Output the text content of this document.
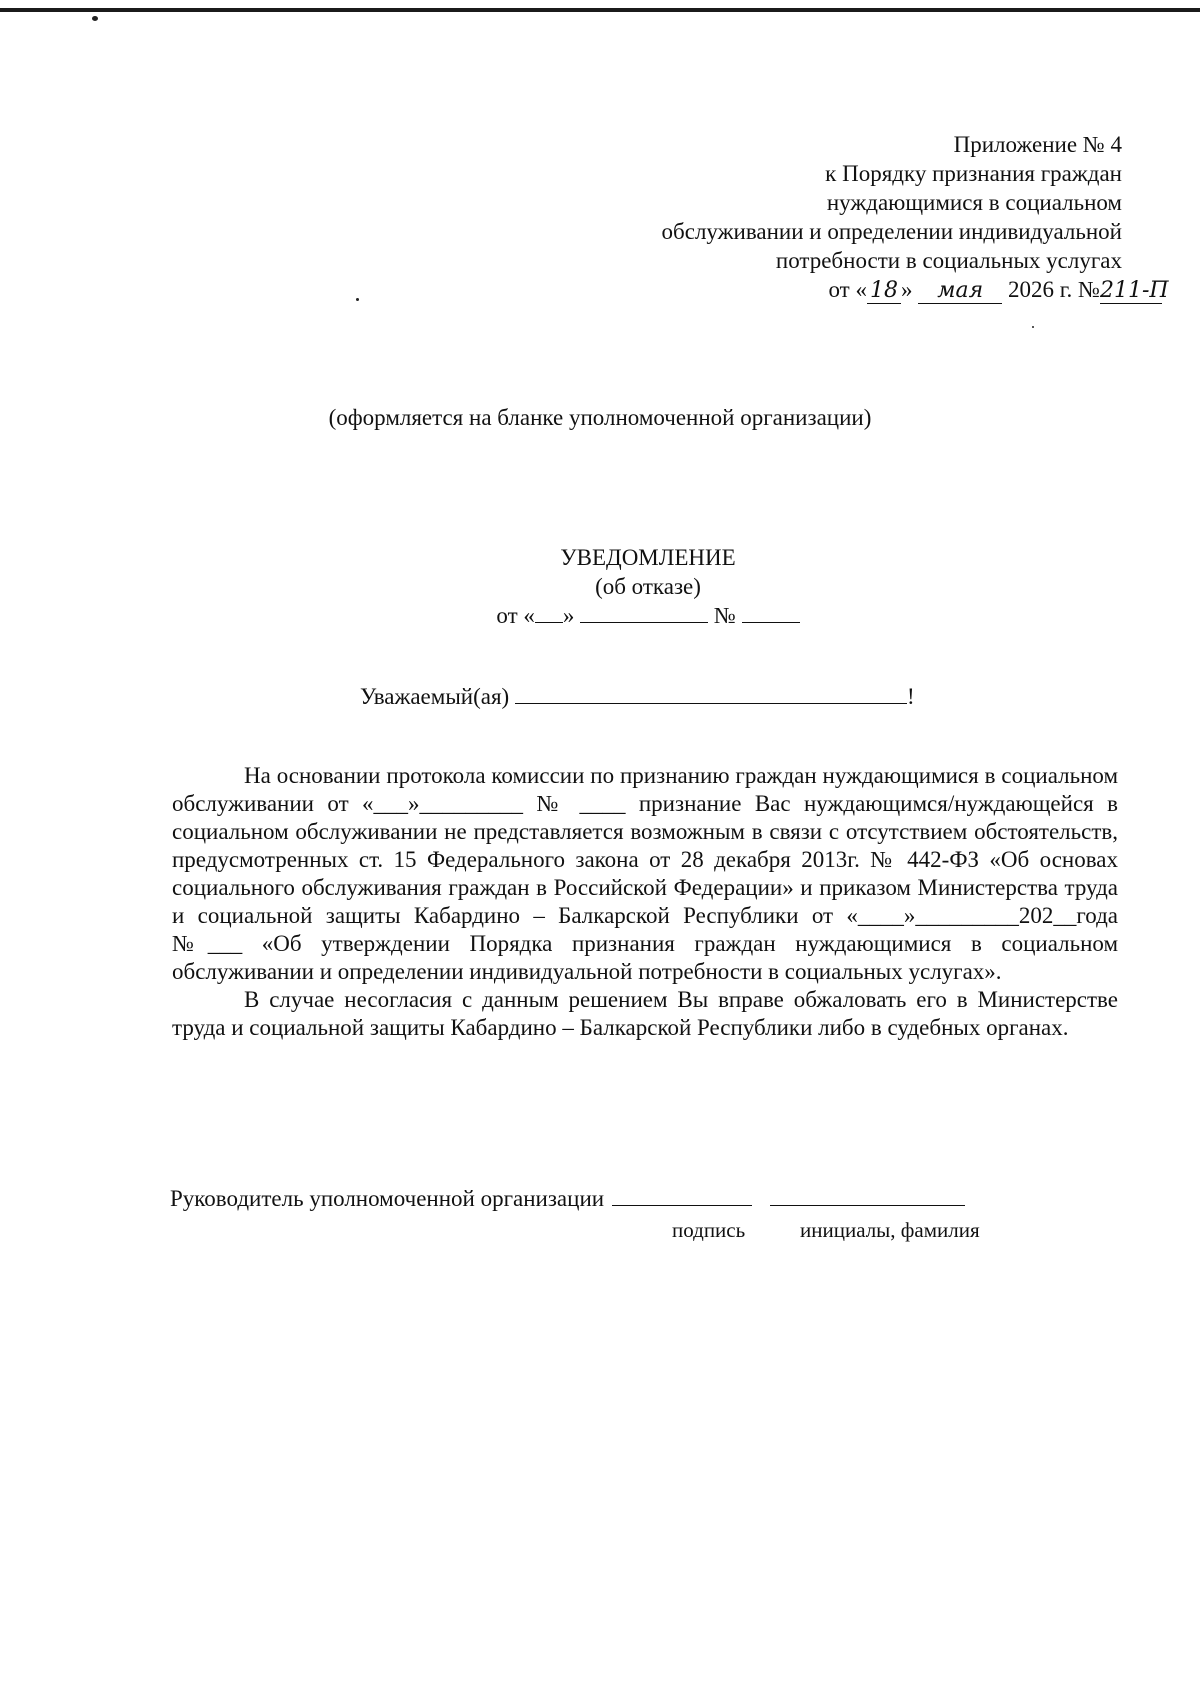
Приложение № 4
к Порядку признания граждан
нуждающимися в социальном
обслуживании и определении индивидуальной
потребности в социальных услугах
от « 18 » мая 2026 г. №211-П
(оформляется на бланке уполномоченной организации)
УВЕДОМЛЕНИЕ
(об отказе)
от « »	№
Уважаемый(ая)	!

На основании протокола комиссии по признанию граждан нуждающимися в социальном обслуживании от «___»_________ № ____ признание Вас нуждающимся/нуждающейся в социальном обслуживании не представляется возможным в связи с отсутствием обстоятельств, предусмотренных ст. 15 Федерального закона от 28 декабря 2013г. № 442-ФЗ «Об основах социального обслуживания граждан в Российской Федерации» и приказом Министерства труда и социальной защиты Кабардино – Балкарской Республики от «____»_________202__года №___ «Об утверждении Порядка признания граждан нуждающимися в социальном обслуживании и определении индивидуальной потребности в социальных услугах».

В случае несогласия с данным решением Вы вправе обжаловать его в Министерстве труда и социальной защиты Кабардино – Балкарской Республики либо в судебных органах.

Руководитель уполномоченной организации
подпись	инициалы, фамилия
